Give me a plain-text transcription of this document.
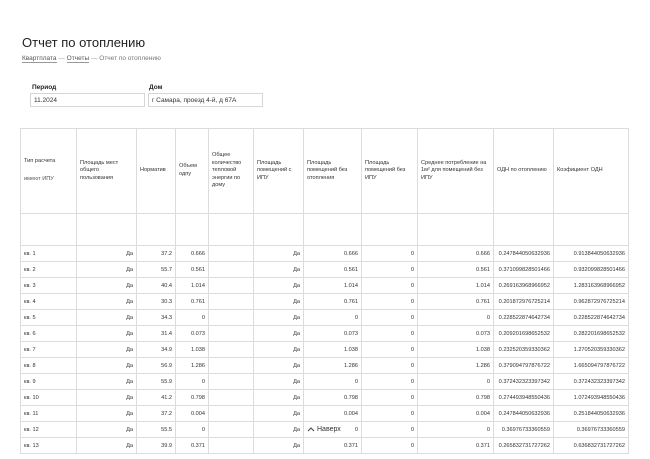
Отчет по отоплению
Квартплата — Отчеты — Отчет по отоплению
Период
11.2024
Дом
г Самара, проезд 4-й, д 67А
Тип расчета
имеют ИПУ	Площадь мест общего пользования	Норматив	Объем одпу	Общее количество тепловой энергии по дому	Площадь помещений с ИПУ	Площадь помещений без отопления	Площадь помещений без ИПУ	Среднее потребление на 1м² для помещений без ИПУ	ОДН по отоплению	Коэфициент ОДН

кв. 1	Да	37.2	0.666		Да	0.666	0	0.666	0.247844050632936	0.913844050632936
кв. 2	Да	55.7	0.561		Да	0.561	0	0.561	0.371099828501466	0.932099828501466
кв. 3	Да	40.4	1.014		Да	1.014	0	1.014	0.269163968966952	1.283163968966952
кв. 4	Да	30.3	0.761		Да	0.761	0	0.761	0.201872976725214	0.962872976725214
кв. 5	Да	34.3	0		Да	0	0	0	0.228522874642734	0.228522874642734
кв. 6	Да	31.4	0.073		Да	0.073	0	0.073	0.209201698652532	0.282201698652532
кв. 7	Да	34.9	1.038		Да	1.038	0	1.038	0.232520359330362	1.270520359330362
кв. 8	Да	56.9	1.286		Да	1.286	0	1.286	0.379094797876722	1.665094797876722
кв. 9	Да	55.9	0		Да	0	0	0	0.372432323397342	0.372432323397342
кв. 10	Да	41.2	0.798		Да	0.798	0	0.798	0.274493948550436	1.072493948550436
кв. 11	Да	37.2	0.004		Да	0.004	0	0.004	0.247844050632936	0.251844050632936
кв. 12	Да	55.5	0		Да	0	0	0	0.36976733360559	0.36976733360559
кв. 13	Да	39.9	0.371		Да	0.371	0	0.371	0.265832731727262	0.636832731727262
Наверх
